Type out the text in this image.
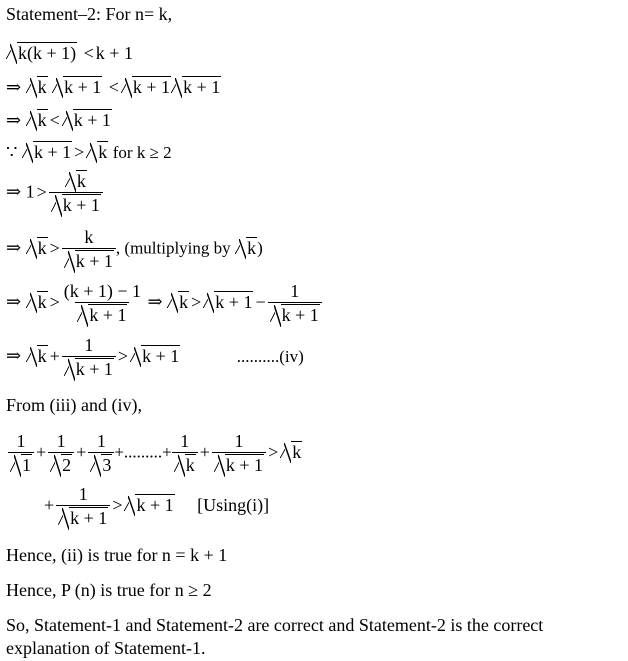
Statement–2: For n= k,
k(k + 1) < k + 1
⇒ k k + 1 < k + 1 k + 1
⇒ k < k + 1
∵ k + 1 > k for k ≥ 2
⇒ $1 > \frac{k}{k + 1}$
⇒ $k > \frac{k}{k + 1}$ , (multiplying by k)
⇒ $k > \frac{(k + 1) - 1}{k + 1}$ ⇒ $k > k + 1 - \frac{1}{k + 1}$
⇒ $k + \frac{1}{k + 1} > k + 1$	..........(iv)
From (iii) and (iv),
$\frac{1}{1} + \frac{1}{2} + \frac{1}{3}$ +.........+ $\frac{1}{k} + \frac{1}{k + 1} > k$
+ $\frac{1}{k + 1} > k + 1$ [Using(i)]
Hence, (ii) is true for n = k + 1
Hence, P (n) is true for n ≥ 2
So, Statement-1 and Statement-2 are correct and Statement-2 is the correct
explanation of Statement-1.
